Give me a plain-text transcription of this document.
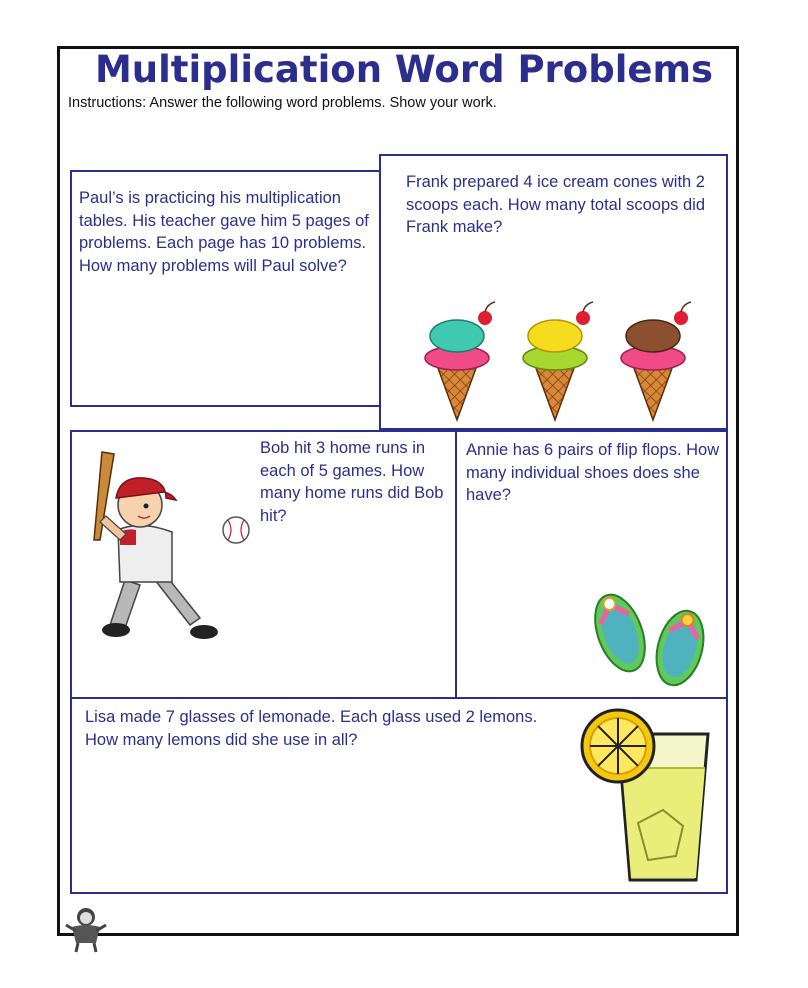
Multiplication Word Problems

Instructions: Answer the following word problems. Show your work.

Paul’s is practicing his multiplication tables. His teacher gave him 5 pages of problems. Each page has 10 problems. How many problems will Paul solve?

Frank prepared 4 ice cream cones with 2 scoops each. How many total scoops did Frank make?

Bob hit 3 home runs in each of 5 games. How many home runs did Bob hit?

Annie has 6 pairs of flip flops. How many individual shoes does she have?

Lisa made 7 glasses of lemonade. Each glass used 2 lemons. How many lemons did she use in all?
